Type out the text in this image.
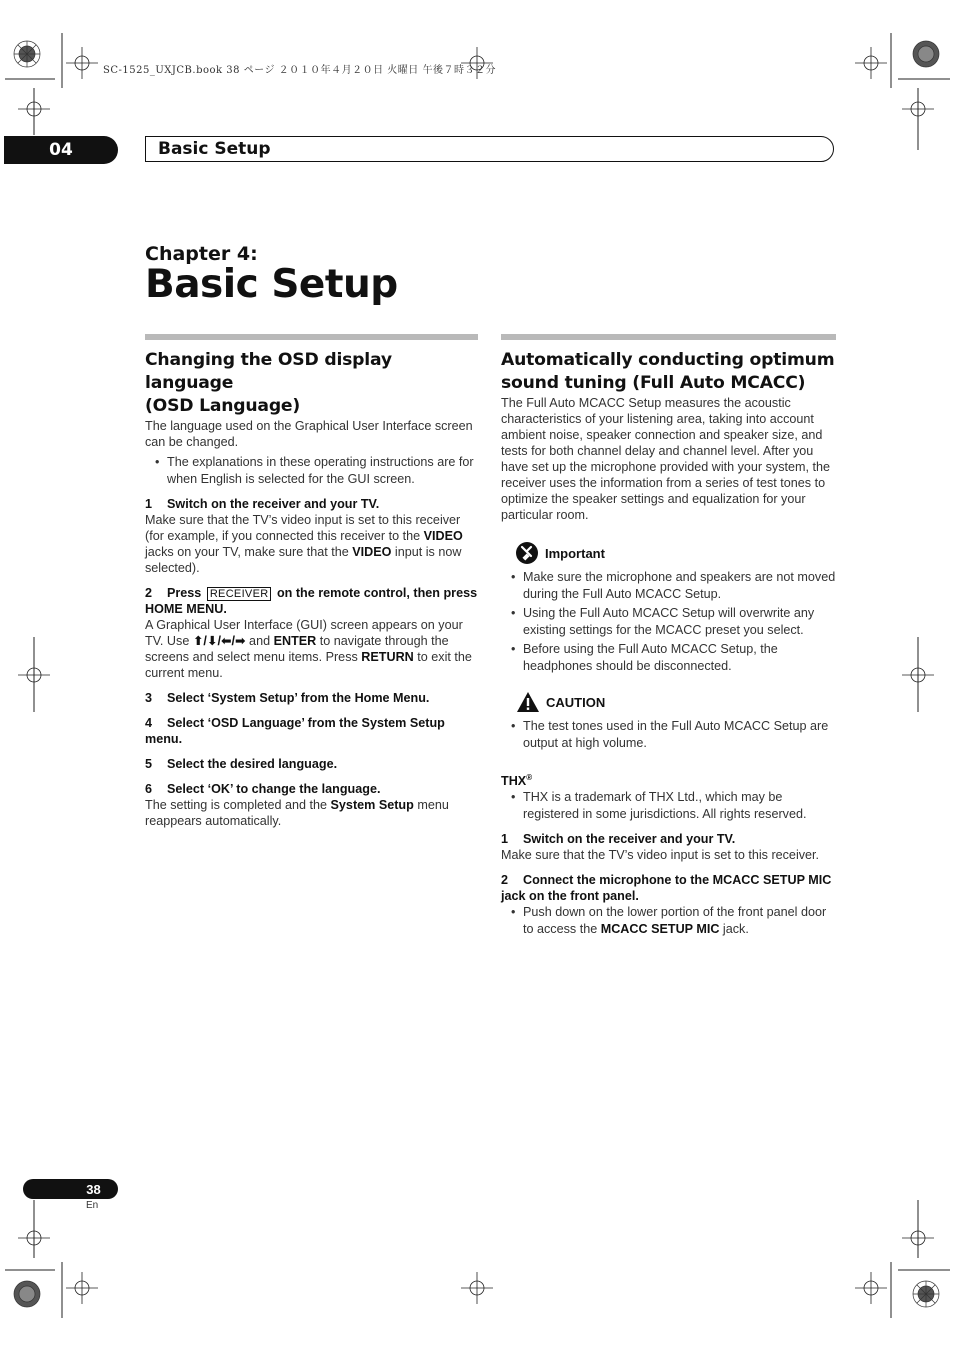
SC-1525_UXJCB.book 38 ページ ２０１０年４月２０日 火曜日 午後７時３２分
04	Basic Setup
Chapter 4:
Basic Setup
Changing the OSD display language
(OSD Language)

The language used on the Graphical User Interface screen can be changed.

• The explanations in these operating instructions are for when English is selected for the GUI screen.
1 Switch on the receiver and your TV.

Make sure that the TV’s video input is set to this receiver (for example, if you connected this receiver to the VIDEO jacks on your TV, make sure that the VIDEO input is now selected).

2 Press RECEIVER on the remote control, then press HOME MENU.

A Graphical User Interface (GUI) screen appears on your TV. Use ⬆/⬇/⬅/➡ and ENTER to navigate through the screens and select menu items. Press RETURN to exit the current menu.

3 Select ‘System Setup’ from the Home Menu.
4 Select ‘OSD Language’ from the System Setup menu.
5 Select the desired language.
6 Select ‘OK’ to change the language.

The setting is completed and the System Setup menu reappears automatically.

Automatically conducting optimum
sound tuning (Full Auto MCACC)

The Full Auto MCACC Setup measures the acoustic characteristics of your listening area, taking into account ambient noise, speaker connection and speaker size, and tests for both channel delay and channel level. After you have set up the microphone provided with your system, the receiver uses the information from a series of test tones to optimize the speaker settings and equalization for your particular room.

Important
• Make sure the microphone and speakers are not moved during the Full Auto MCACC Setup.
• Using the Full Auto MCACC Setup will overwrite any existing settings for the MCACC preset you select.
• Before using the Full Auto MCACC Setup, the headphones should be disconnected.
CAUTION
• The test tones used in the Full Auto MCACC Setup are output at high volume.
THX®
• THX is a trademark of THX Ltd., which may be registered in some jurisdictions. All rights reserved.
1 Switch on the receiver and your TV.

Make sure that the TV’s video input is set to this receiver.

2 Connect the microphone to the MCACC SETUP MIC jack on the front panel.
• Push down on the lower portion of the front panel door to access the MCACC SETUP MIC jack.
38
En
